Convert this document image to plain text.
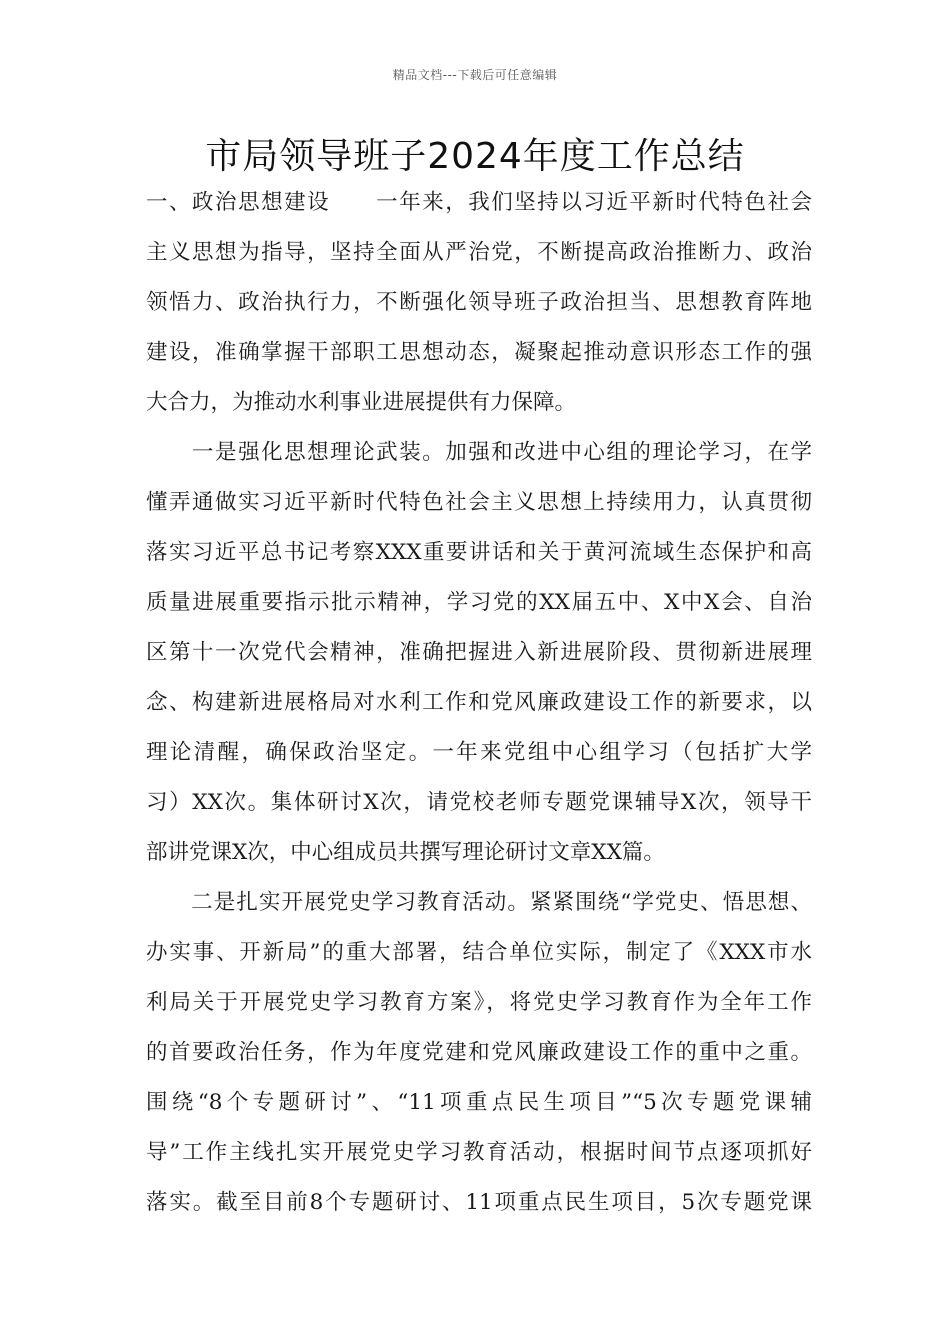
精品文档---下载后可任意编辑
市局领导班子2024年度工作总结
一、政治思想建设　　一年来，我们坚持以习近平新时代特色社会
主义思想为指导，坚持全面从严治党，不断提高政治推断力、政治
领悟力、政治执行力，不断强化领导班子政治担当、思想教育阵地
建设，准确掌握干部职工思想动态，凝聚起推动意识形态工作的强
大合力，为推动水利事业进展提供有力保障。
　　一是强化思想理论武装。加强和改进中心组的理论学习，在学
懂弄通做实习近平新时代特色社会主义思想上持续用力，认真贯彻
落实习近平总书记考察XXX重要讲话和关于黄河流域生态保护和高
质量进展重要指示批示精神，学习党的XX届五中、X中X会、自治
区第十一次党代会精神，准确把握进入新进展阶段、贯彻新进展理
念、构建新进展格局对水利工作和党风廉政建设工作的新要求，以
理论清醒，确保政治坚定。一年来党组中心组学习（包括扩大学
习）XX次。集体研讨X次，请党校老师专题党课辅导X次，领导干
部讲党课X次，中心组成员共撰写理论研讨文章XX篇。
　　二是扎实开展党史学习教育活动。紧紧围绕“学党史、悟思想、
办实事、开新局”的重大部署，结合单位实际，制定了《XXX市水
利局关于开展党史学习教育方案》，将党史学习教育作为全年工作
的首要政治任务，作为年度党建和党风廉政建设工作的重中之重。
围绕“8个专题研讨”、“11项重点民生项目”“5次专题党课辅
导”工作主线扎实开展党史学习教育活动，根据时间节点逐项抓好
落实。截至目前8个专题研讨、11项重点民生项目，5次专题党课
